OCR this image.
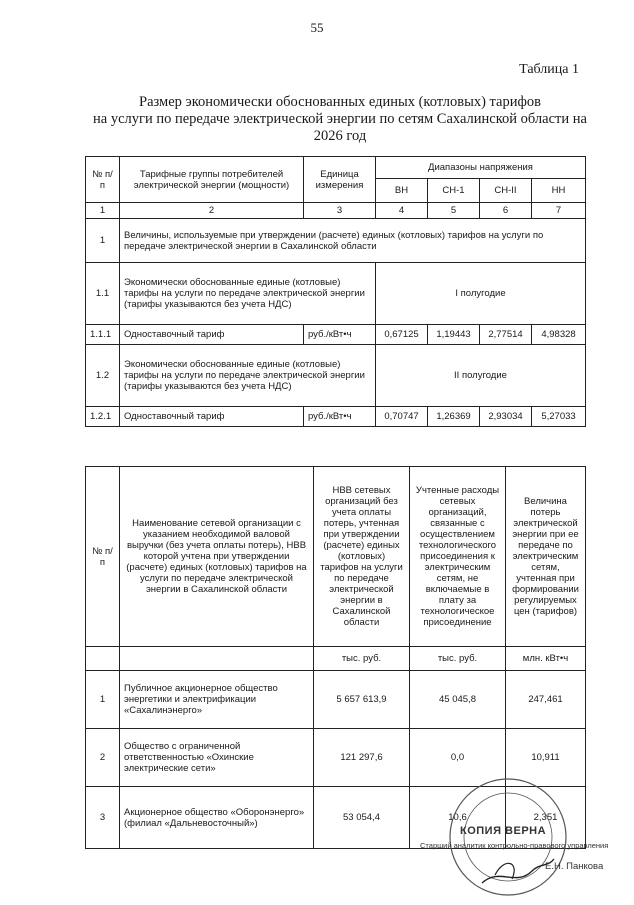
55
Таблица 1
Размер экономически обоснованных единых (котловых) тарифов
на услуги по передаче электрической энергии по сетям Сахалинской области на
2026 год
№ п/п	Тарифные группы потребителей электрической энергии (мощности)	Единица измерения	Диапазоны напряжения			
			ВН	СН-1	СН-II	НН
1	2	3	4	5	6	7
1	Величины, используемые при утверждении (расчете) единых (котловых) тарифов на услуги по передаче электрической энергии в Сахалинской области					
1.1	Экономически обоснованные единые (котловые) тарифы на услуги по передаче электрической энергии (тарифы указываются без учета НДС)		I полугодие			
1.1.1	Одноставочный тариф	руб./кВт•ч	0,67125	1,19443	2,77514	4,98328
1.2	Экономически обоснованные единые (котловые) тарифы на услуги по передаче электрической энергии (тарифы указываются без учета НДС)		II полугодие			
1.2.1	Одноставочный тариф	руб./кВт•ч	0,70747	1,26369	2,93034	5,27033
№ п/п	Наименование сетевой организации с указанием необходимой валовой выручки (без учета оплаты потерь), НВВ которой учтена при утверждении (расчете) единых (котловых) тарифов на услуги по передаче электрической энергии в Сахалинской области	НВВ сетевых организаций без учета оплаты потерь, учтенная при утверждении (расчете) единых (котловых) тарифов на услуги по передаче электрической энергии в Сахалинской области	Учтенные расходы сетевых организаций, связанные с осуществлением технологического присоединения к электрическим сетям, не включаемые в плату за технологическое присоединение	Величина потерь электрической энергии при ее передаче по электрическим сетям, учтенная при формировании регулируемых цен (тарифов)
		тыс. руб.	тыс. руб.	млн. кВт•ч
1	Публичное акционерное общество энергетики и электрификации «Сахалинэнерго»	5 657 613,9	45 045,8	247,461
2	Общество с ограниченной ответственностью «Охинские электрические сети»	121 297,6	0,0	10,911
3	Акционерное общество «Оборонэнерго» (филиал «Дальневосточный»)	53 054,4	10,6	2,351
КОПИЯ ВЕРНА
Старший аналитик контрольно-правового управления
Е.Н. Панкова
